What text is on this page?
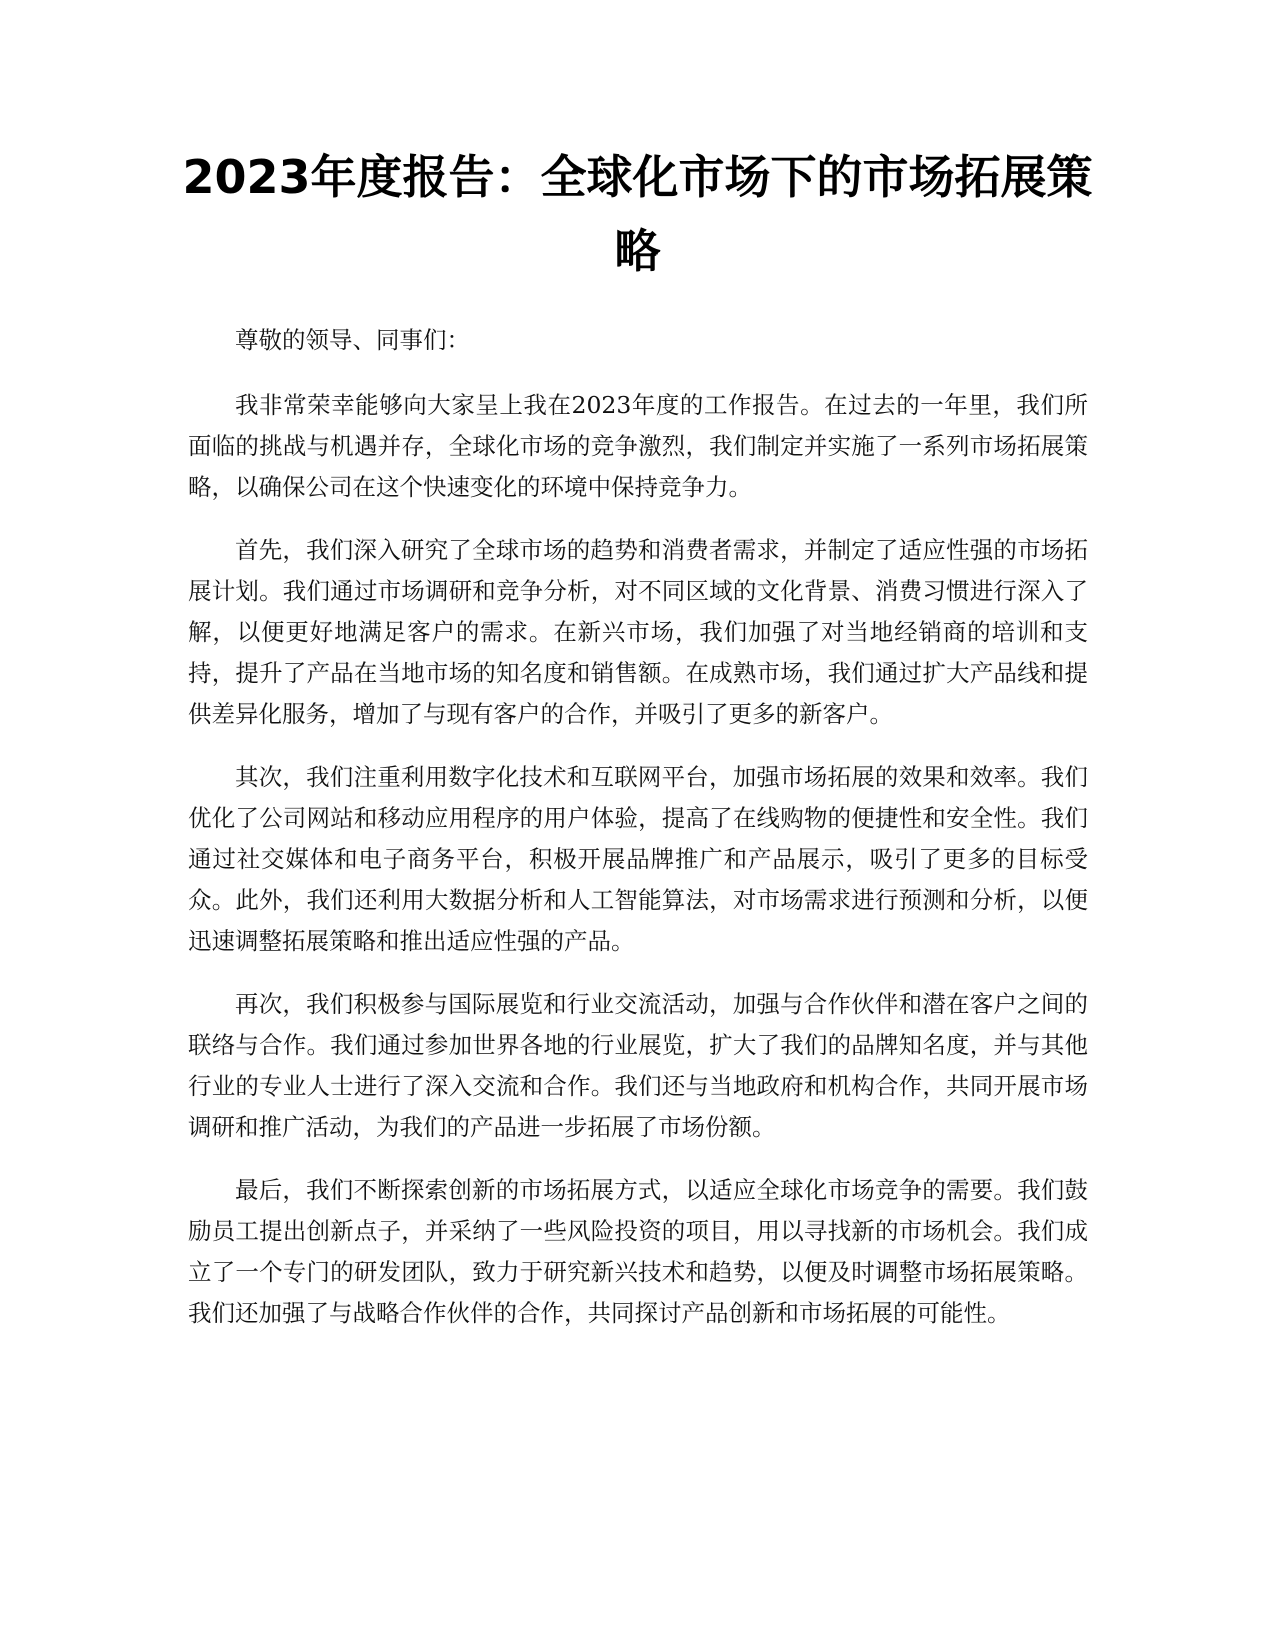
2023年度报告：全球化市场下的市场拓展策略

尊敬的领导、同事们：

我非常荣幸能够向大家呈上我在2023年度的工作报告。在过去的一年里，我们所面临的挑战与机遇并存，全球化市场的竞争激烈，我们制定并实施了一系列市场拓展策略，以确保公司在这个快速变化的环境中保持竞争力。

首先，我们深入研究了全球市场的趋势和消费者需求，并制定了适应性强的市场拓展计划。我们通过市场调研和竞争分析，对不同区域的文化背景、消费习惯进行深入了解，以便更好地满足客户的需求。在新兴市场，我们加强了对当地经销商的培训和支持，提升了产品在当地市场的知名度和销售额。在成熟市场，我们通过扩大产品线和提供差异化服务，增加了与现有客户的合作，并吸引了更多的新客户。

其次，我们注重利用数字化技术和互联网平台，加强市场拓展的效果和效率。我们优化了公司网站和移动应用程序的用户体验，提高了在线购物的便捷性和安全性。我们通过社交媒体和电子商务平台，积极开展品牌推广和产品展示，吸引了更多的目标受众。此外，我们还利用大数据分析和人工智能算法，对市场需求进行预测和分析，以便迅速调整拓展策略和推出适应性强的产品。

再次，我们积极参与国际展览和行业交流活动，加强与合作伙伴和潜在客户之间的联络与合作。我们通过参加世界各地的行业展览，扩大了我们的品牌知名度，并与其他行业的专业人士进行了深入交流和合作。我们还与当地政府和机构合作，共同开展市场调研和推广活动，为我们的产品进一步拓展了市场份额。

最后，我们不断探索创新的市场拓展方式，以适应全球化市场竞争的需要。我们鼓励员工提出创新点子，并采纳了一些风险投资的项目，用以寻找新的市场机会。我们成立了一个专门的研发团队，致力于研究新兴技术和趋势，以便及时调整市场拓展策略。我们还加强了与战略合作伙伴的合作，共同探讨产品创新和市场拓展的可能性。
